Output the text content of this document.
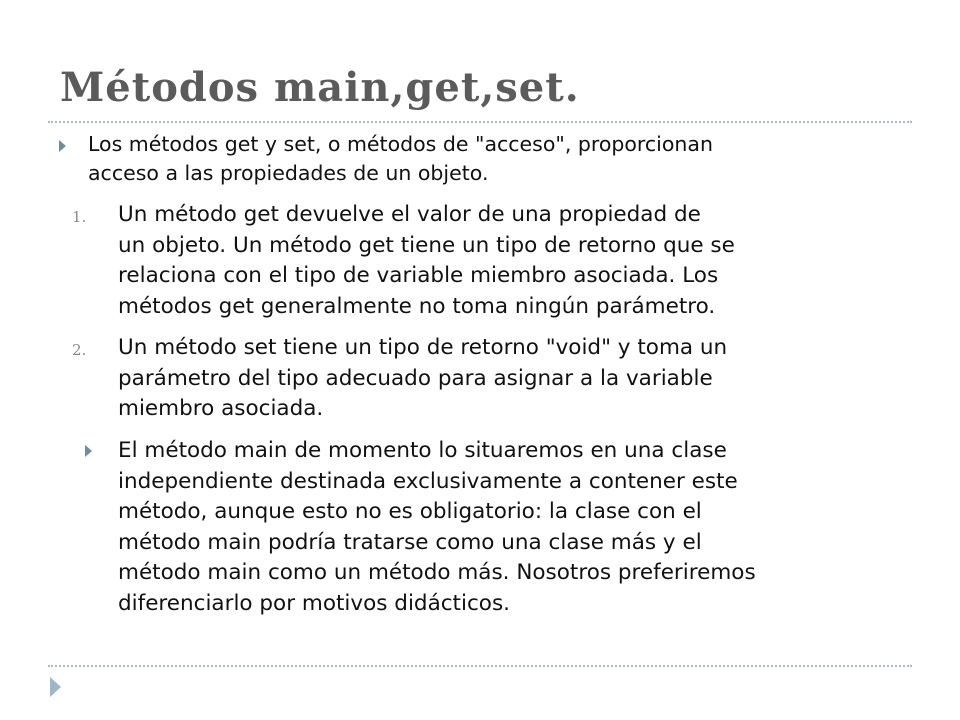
Métodos main,get,set.

Los métodos get y set, o métodos de "acceso", proporcionan
acceso a las propiedades de un objeto.

1. Un método get devuelve el valor de una propiedad de
un objeto. Un método get tiene un tipo de retorno que se
relaciona con el tipo de variable miembro asociada. Los
métodos get generalmente no toma ningún parámetro.

2. Un método set tiene un tipo de retorno "void" y toma un
parámetro del tipo adecuado para asignar a la variable
miembro asociada.

El método main de momento lo situaremos en una clase
independiente destinada exclusivamente a contener este
método, aunque esto no es obligatorio: la clase con el
método main podría tratarse como una clase más y el
método main como un método más. Nosotros preferiremos
diferenciarlo por motivos didácticos.
